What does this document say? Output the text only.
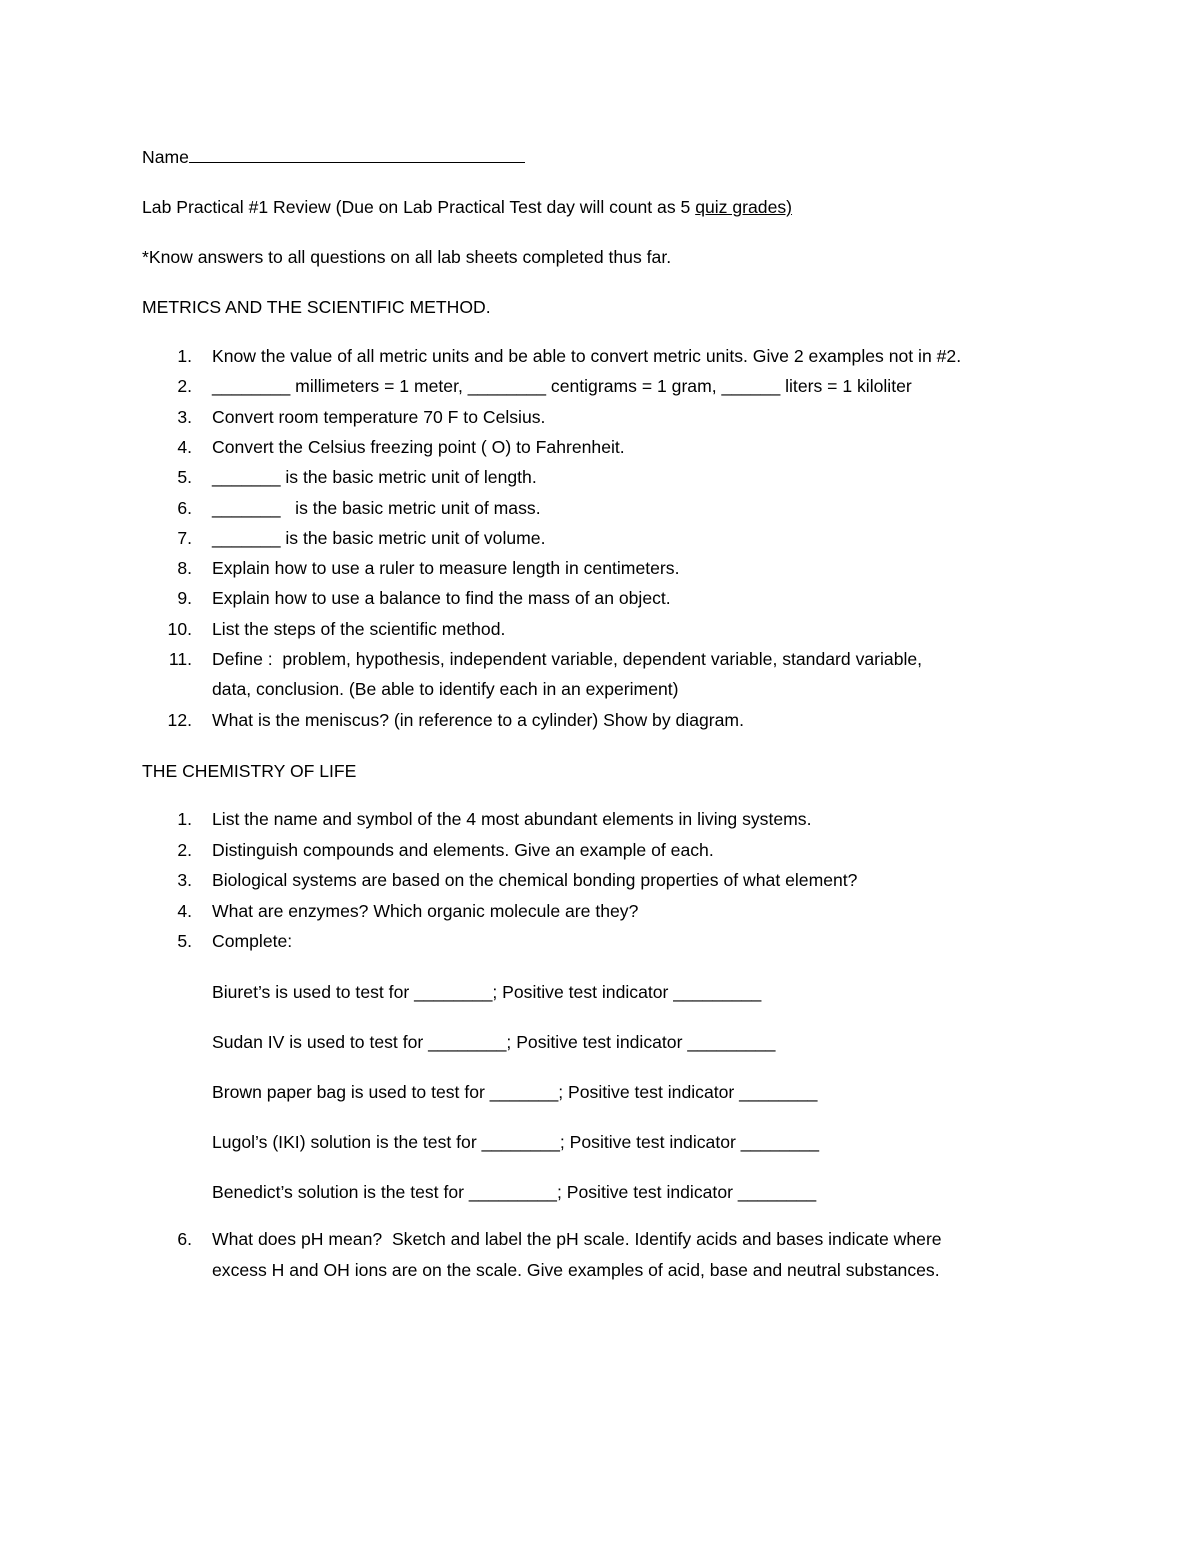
Name
Lab Practical #1 Review (Due on Lab Practical Test day will count as 5 quiz grades)
*Know answers to all questions on all lab sheets completed thus far.
METRICS AND THE SCIENTIFIC METHOD.
1. Know the value of all metric units and be able to convert metric units. Give 2 examples not in #2.
2. ________ millimeters = 1 meter, ________ centigrams = 1 gram, ______ liters = 1 kiloliter
3. Convert room temperature 70 F to Celsius.
4. Convert the Celsius freezing point ( O) to Fahrenheit.
5. _______ is the basic metric unit of length.
6. _______   is the basic metric unit of mass.
7. _______ is the basic metric unit of volume.
8. Explain how to use a ruler to measure length in centimeters.
9. Explain how to use a balance to find the mass of an object.
10. List the steps of the scientific method.
11. Define :  problem, hypothesis, independent variable, dependent variable, standard variable,
data, conclusion. (Be able to identify each in an experiment)
12. What is the meniscus? (in reference to a cylinder) Show by diagram.
THE CHEMISTRY OF LIFE
1. List the name and symbol of the 4 most abundant elements in living systems.
2. Distinguish compounds and elements. Give an example of each.
3. Biological systems are based on the chemical bonding properties of what element?
4. What are enzymes? Which organic molecule are they?
5. Complete:
Biuret’s is used to test for ________; Positive test indicator _________
Sudan IV is used to test for ________; Positive test indicator _________
Brown paper bag is used to test for _______; Positive test indicator ________
Lugol’s (IKI) solution is the test for ________; Positive test indicator ________
Benedict’s solution is the test for _________; Positive test indicator ________
6. What does pH mean?  Sketch and label the pH scale. Identify acids and bases indicate where
excess H and OH ions are on the scale. Give examples of acid, base and neutral substances.
